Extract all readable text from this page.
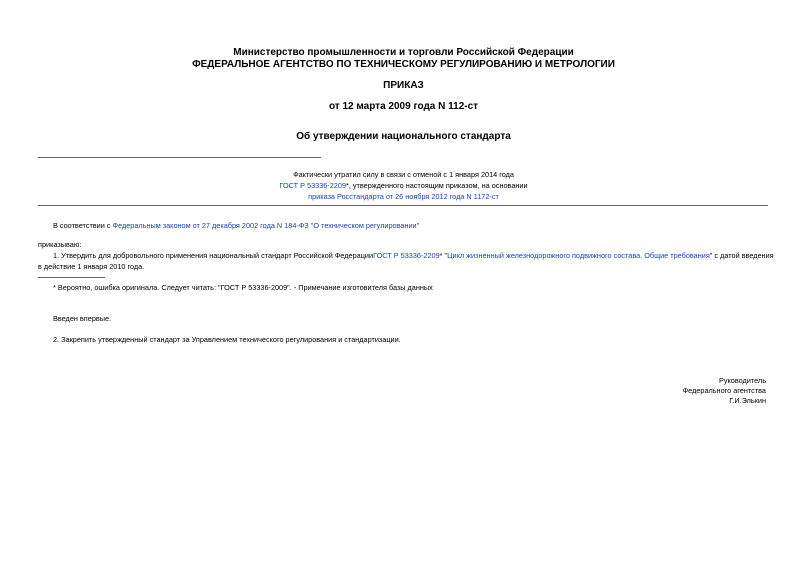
Министерство промышленности и торговли Российской Федерации
ФЕДЕРАЛЬНОЕ АГЕНТСТВО ПО ТЕХНИЧЕСКОМУ РЕГУЛИРОВАНИЮ И МЕТРОЛОГИИ
ПРИКАЗ
от 12 марта 2009 года N 112-ст
Об утверждении национального стандарта
Фактически утратил силу в связи с отменой с 1 января 2014 года
ГОСТ Р 53336-2209*, утвержденного настоящим приказом, на основании
приказа Росстандарта от 26 ноября 2012 года N 1172-ст
В соответствии с Федеральным законом от 27 декабря 2002 года N 184-ФЗ "О техническом регулировании"
приказываю:
1. Утвердить для добровольного применения национальный стандарт Российской ФедерацииГОСТ Р 53336-2209* "Цикл жизненный железнодорожного подвижного состава. Общие требования" с датой введения
в действие 1 января 2010 года.
* Вероятно, ошибка оригинала. Следует читать: "ГОСТ Р 53336-2009". - Примечание изготовителя базы данных
Введен впервые.
2. Закрепить утвержденный стандарт за Управлением технического регулирования и стандартизации.
Руководитель
Федерального агентства
Г.И.Элькин
